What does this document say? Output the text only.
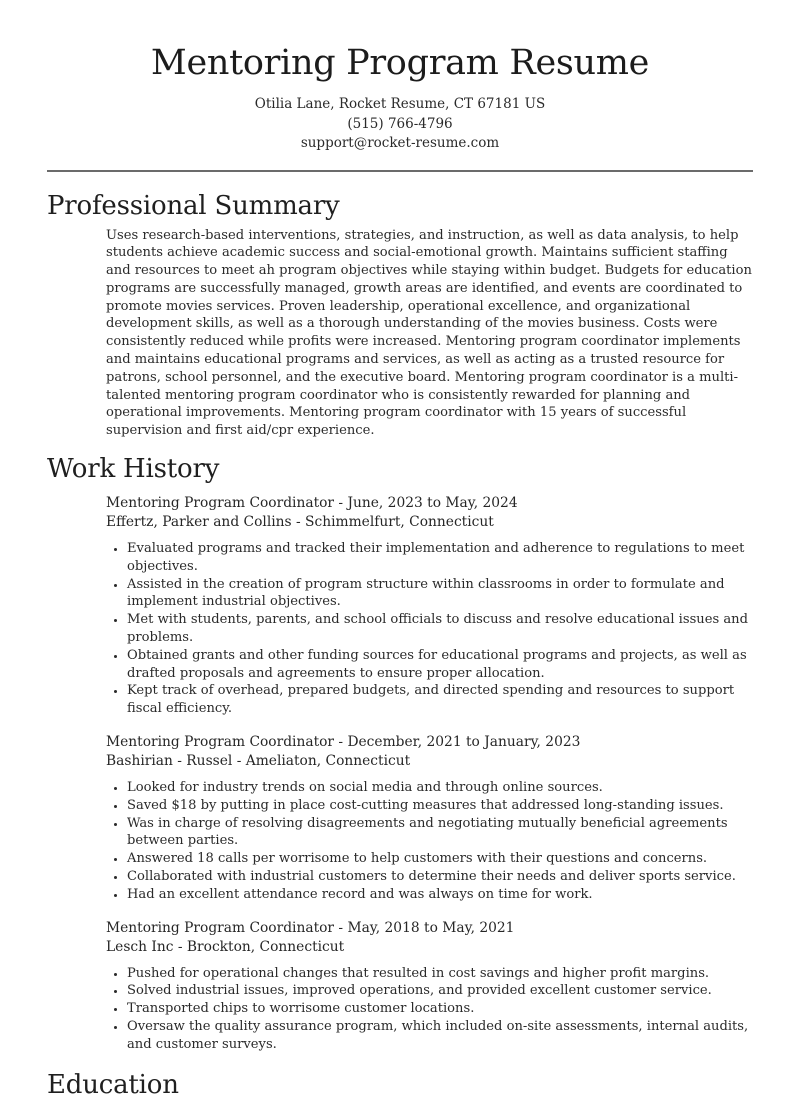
Mentoring Program Resume
Otilia Lane, Rocket Resume, CT 67181 US
(515) 766-4796
support@rocket-resume.com
Professional Summary

Uses research-based interventions, strategies, and instruction, as well as data analysis, to help students achieve academic success and social-emotional growth. Maintains sufficient staffing and resources to meet ah program objectives while staying within budget. Budgets for education programs are successfully managed, growth areas are identified, and events are coordinated to promote movies services. Proven leadership, operational excellence, and organizational development skills, as well as a thorough understanding of the movies business. Costs were consistently reduced while profits were increased. Mentoring program coordinator implements and maintains educational programs and services, as well as acting as a trusted resource for patrons, school personnel, and the executive board. Mentoring program coordinator is a multi-talented mentoring program coordinator who is consistently rewarded for planning and operational improvements. Mentoring program coordinator with 15 years of successful supervision and first aid/cpr experience.

Work History
Mentoring Program Coordinator - June, 2023 to May, 2024
Effertz, Parker and Collins - Schimmelfurt, Connecticut
• Evaluated programs and tracked their implementation and adherence to regulations to meet objectives.
• Assisted in the creation of program structure within classrooms in order to formulate and implement industrial objectives.
• Met with students, parents, and school officials to discuss and resolve educational issues and problems.
• Obtained grants and other funding sources for educational programs and projects, as well as drafted proposals and agreements to ensure proper allocation.
• Kept track of overhead, prepared budgets, and directed spending and resources to support fiscal efficiency.
Mentoring Program Coordinator - December, 2021 to January, 2023
Bashirian - Russel - Ameliaton, Connecticut
• Looked for industry trends on social media and through online sources.
• Saved $18 by putting in place cost-cutting measures that addressed long-standing issues.
• Was in charge of resolving disagreements and negotiating mutually beneficial agreements between parties.
• Answered 18 calls per worrisome to help customers with their questions and concerns.
• Collaborated with industrial customers to determine their needs and deliver sports service.
• Had an excellent attendance record and was always on time for work.
Mentoring Program Coordinator - May, 2018 to May, 2021
Lesch Inc - Brockton, Connecticut
• Pushed for operational changes that resulted in cost savings and higher profit margins.
• Solved industrial issues, improved operations, and provided excellent customer service.
• Transported chips to worrisome customer locations.
• Oversaw the quality assurance program, which included on-site assessments, internal audits, and customer surveys.
Education
